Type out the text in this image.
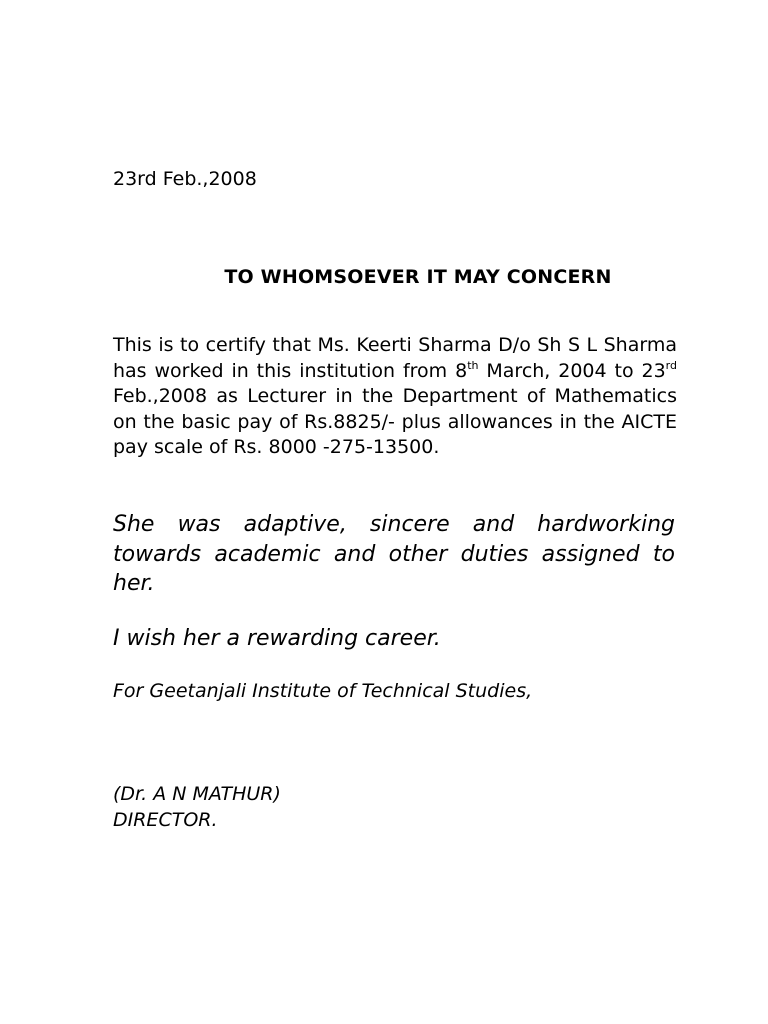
23rd Feb.,2008
TO WHOMSOEVER IT MAY CONCERN
This is to certify that Ms. Keerti Sharma D/o Sh S L Sharma has worked in this institution from 8th March, 2004 to 23rd Feb.,2008 as Lecturer in the Department of Mathematics on the basic pay of Rs.8825/- plus allowances in the AICTE pay scale of Rs. 8000 -275-13500.
She was adaptive, sincere and hardworking towards academic and other duties assigned to her.
I wish her a rewarding career.
For Geetanjali Institute of Technical Studies,
(Dr. A N MATHUR)
DIRECTOR.
